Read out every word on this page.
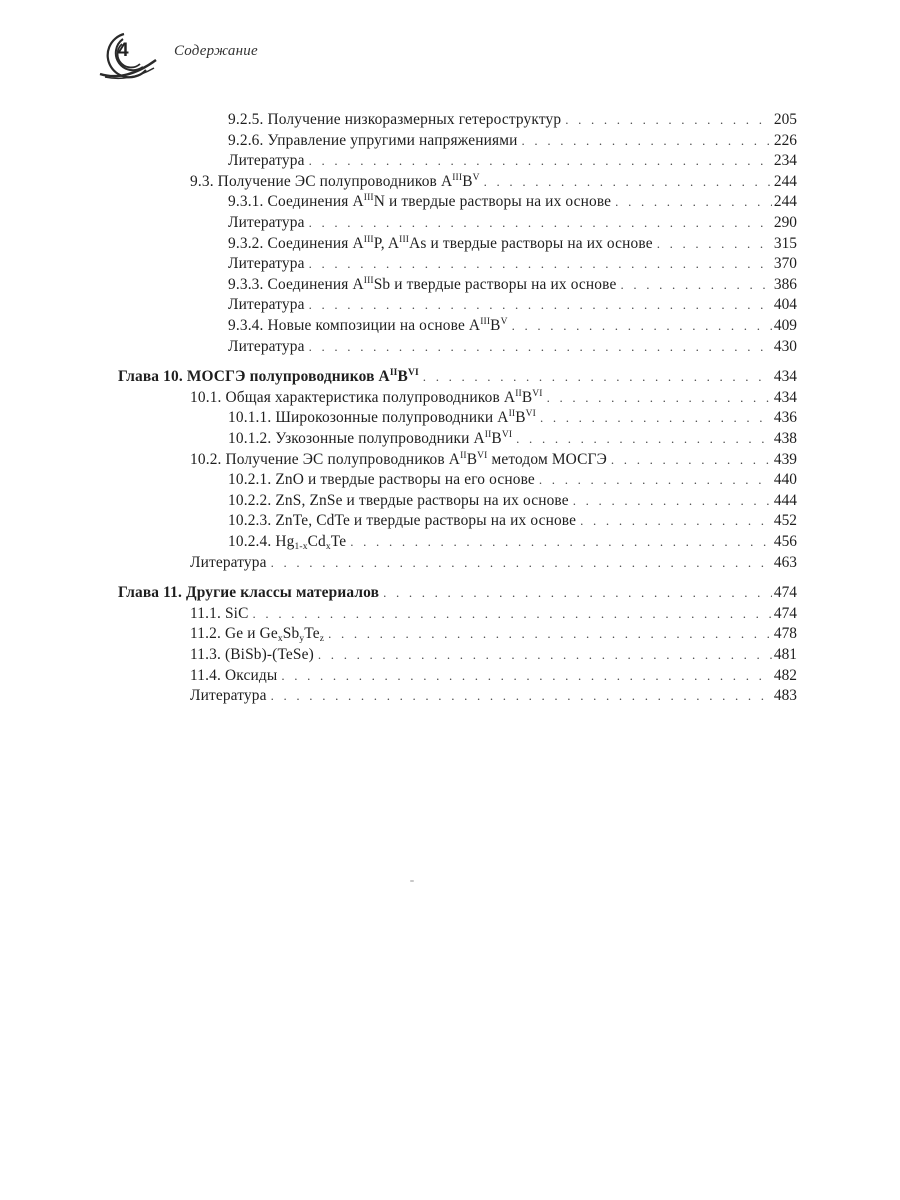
4	Содержание
9.2.5. Получение низкоразмерных гетероструктур . . .	205
9.2.6. Управление упругими напряжениями . . .	226
Литература . . .	234
9.3. Получение ЭС полупроводников $A^{III}B^V$ . . .	244
9.3.1. Соединения $A^{III}N$ и твердые растворы на их основе . . .	244
Литература . . .	290
9.3.2. Соединения $A^{III}P$, $A^{III}As$ и твердые растворы на их основе . . .	315
Литература . . .	370
9.3.3. Соединения $A^{III}Sb$ и твердые растворы на их основе . . .	386
Литература . . .	404
9.3.4. Новые композиции на основе $A^{III}B^V$ . . .	409
Литература . . .	430
Глава 10. МОСГЭ полупроводников $A^{II}B^{VI}$ . . .	434
10.1. Общая характеристика полупроводников $A^{II}B^{VI}$ . . .	434
10.1.1. Широкозонные полупроводники $A^{II}B^{VI}$ . . .	436
10.1.2. Узкозонные полупроводники $A^{II}B^{VI}$ . . .	438
10.2. Получение ЭС полупроводников $A^{II}B^{VI}$ методом МОСГЭ . . .	439
10.2.1. ZnO и твердые растворы на его основе . . .	440
10.2.2. ZnS, ZnSe и твердые растворы на их основе . . .	444
10.2.3. ZnTe, CdTe и твердые растворы на их основе . . .	452
10.2.4. $Hg_{1-x}Cd_xTe$ . . .	456
Литература . . .	463
Глава 11. Другие классы материалов . . .	474
11.1. SiC . . .	474
11.2. Ge и $Ge_xSb_yTe_z$ . . .	478
11.3. (BiSb)-(TeSe) . . .	481
11.4. Оксиды . . .	482
Литература . . .	483
